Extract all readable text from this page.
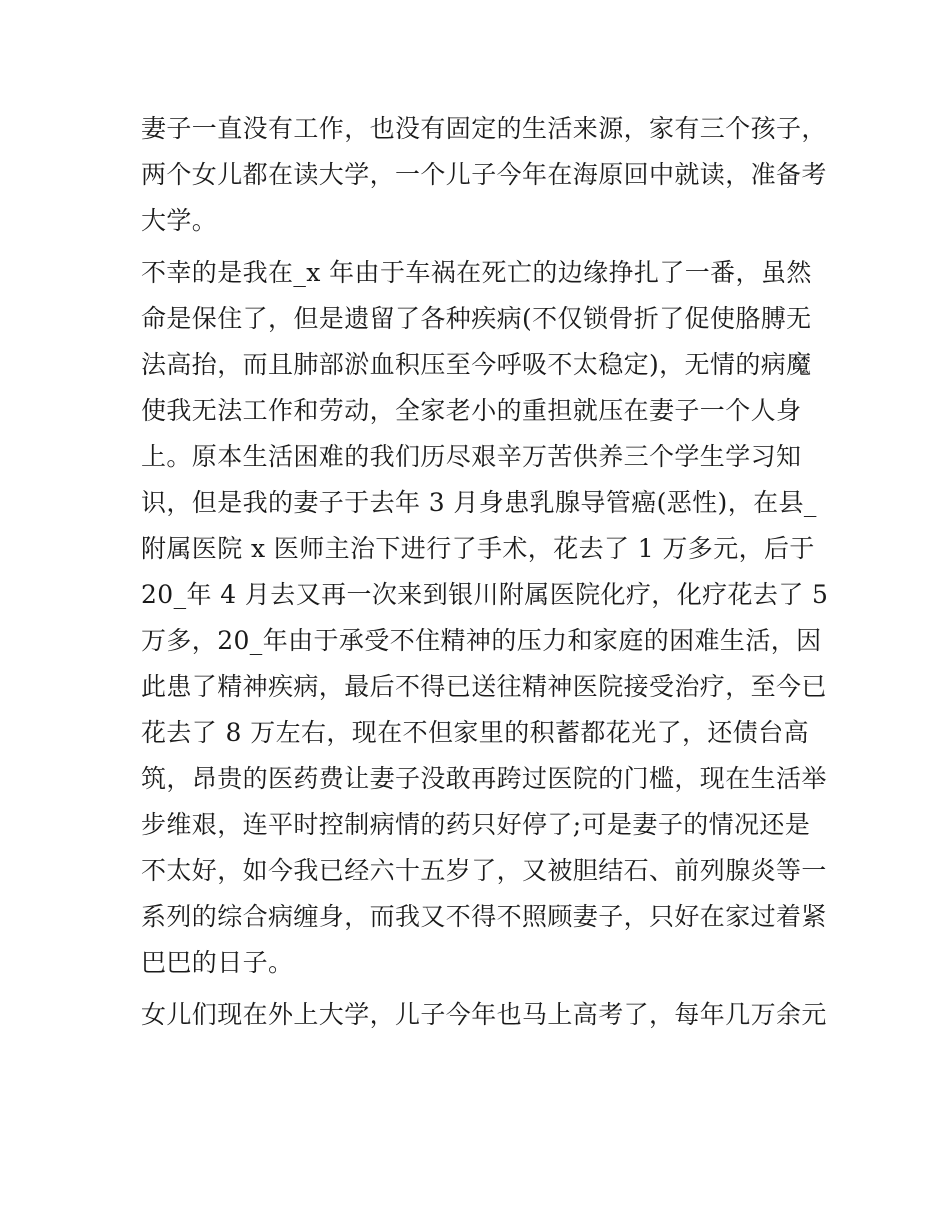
妻子一直没有工作，也没有固定的生活来源，家有三个孩子，
两个女儿都在读大学，一个儿子今年在海原回中就读，准备考
大学。

不幸的是我在_x 年由于车祸在死亡的边缘挣扎了一番，虽然
命是保住了，但是遗留了各种疾病(不仅锁骨折了促使胳膊无
法高抬，而且肺部淤血积压至今呼吸不太稳定)，无情的病魔
使我无法工作和劳动，全家老小的重担就压在妻子一个人身
上。原本生活困难的我们历尽艰辛万苦供养三个学生学习知
识，但是我的妻子于去年 3 月身患乳腺导管癌(恶性)，在县_
附属医院 x 医师主治下进行了手术，花去了 1 万多元，后于
20_年 4 月去又再一次来到银川附属医院化疗，化疗花去了 5
万多，20_年由于承受不住精神的压力和家庭的困难生活，因
此患了精神疾病，最后不得已送往精神医院接受治疗，至今已
花去了 8 万左右，现在不但家里的积蓄都花光了，还债台高
筑，昂贵的医药费让妻子没敢再跨过医院的门槛，现在生活举
步维艰，连平时控制病情的药只好停了;可是妻子的情况还是
不太好，如今我已经六十五岁了，又被胆结石、前列腺炎等一
系列的综合病缠身，而我又不得不照顾妻子，只好在家过着紧
巴巴的日子。

女儿们现在外上大学，儿子今年也马上高考了，每年几万余元
